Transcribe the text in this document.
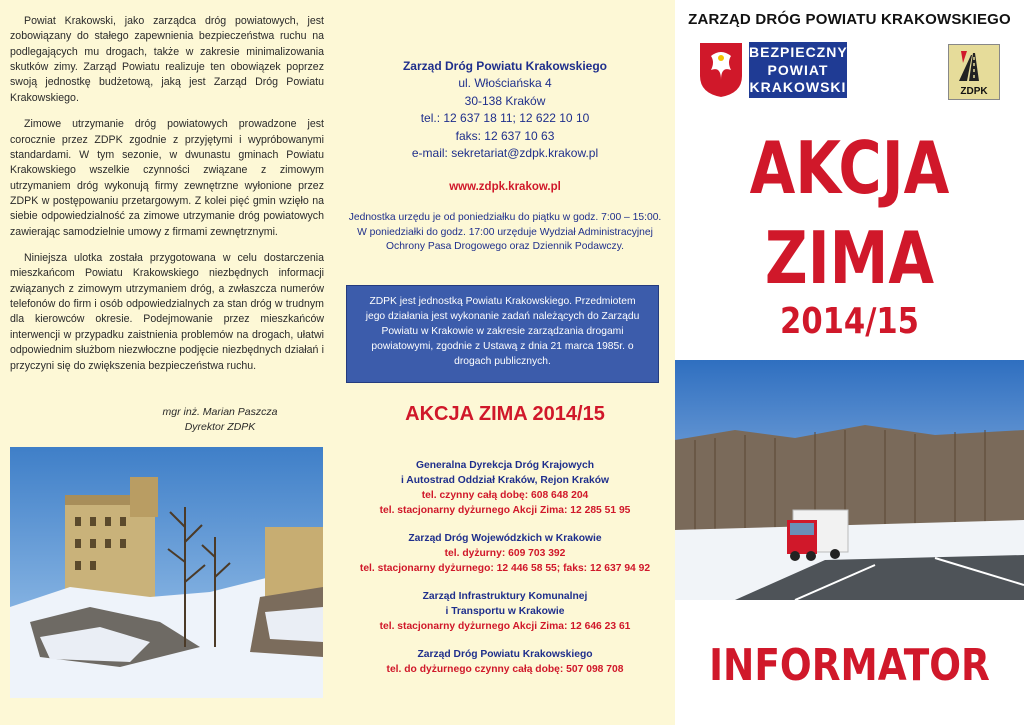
Powiat Krakowski, jako zarządca dróg powiatowych, jest zobowiązany do stałego zapewnienia bezpieczeństwa ruchu na podlegających mu drogach, także w zakresie minimalizowania skutków zimy. Zarząd Powiatu realizuje ten obowiązek poprzez swoją jednostkę budżetową, jaką jest Zarząd Dróg Powiatu Krakowskiego.

Zimowe utrzymanie dróg powiatowych prowadzone jest corocznie przez ZDPK zgodnie z przyjętymi i wypróbowanymi standardami. W tym sezonie, w dwunastu gminach Powiatu Krakowskiego wszelkie czynności związane z zimowym utrzymaniem dróg wykonują firmy zewnętrzne wyłonione przez ZDPK w postępowaniu przetargowym. Z kolei pięć gmin wzięło na siebie odpowiedzialność za zimowe utrzymanie dróg powiatowych zawierając samodzielnie umowy z firmami zewnętrznymi.

Niniejsza ulotka została przygotowana w celu dostarczenia mieszkańcom Powiatu Krakowskiego niezbędnych informacji związanych z zimowym utrzymaniem dróg, a zwłaszcza numerów telefonów do firm i osób odpowiedzialnych za stan dróg w trudnym dla kierowców okresie. Podejmowanie przez mieszkańców interwencji w przypadku zaistnienia problemów na drogach, ułatwi odpowiednim służbom niezwłoczne podjęcie niezbędnych działań i przyczyni się do zwiększenia bezpieczeństwa ruchu.

mgr inż. Marian Paszcza
Dyrektor ZDPK
Zarząd Dróg Powiatu Krakowskiego
ul. Włościańska 4
30-138 Kraków
tel.: 12 637 18 11; 12 622 10 10
faks: 12 637 10 63
e-mail: sekretariat@zdpk.krakow.pl
www.zdpk.krakow.pl
Jednostka urzędu je od poniedziałku do piątku w godz. 7:00 – 15:00. W poniedziałki do godz. 17:00 urzęduje Wydział Administracyjnej Ochrony Pasa Drogowego oraz Dziennik Podawczy.
ZDPK jest jednostką Powiatu Krakowskiego. Przedmiotem jego działania jest wykonanie zadań należących do Zarządu Powiatu w Krakowie w zakresie zarządzania drogami powiatowymi, zgodnie z Ustawą z dnia 21 marca 1985r. o drogach publicznych.
AKCJA ZIMA 2014/15
Generalna Dyrekcja Dróg Krajowych
i Autostrad Oddział Kraków, Rejon Kraków
tel. czynny całą dobę: 608 648 204
tel. stacjonarny dyżurnego Akcji Zima: 12 285 51 95
Zarząd Dróg Wojewódzkich w Krakowie
tel. dyżurny: 609 703 392
tel. stacjonarny dyżurnego: 12 446 58 55; faks: 12 637 94 92
Zarząd Infrastruktury Komunalnej
i Transportu w Krakowie
tel. stacjonarny dyżurnego Akcji Zima: 12 646 23 61
Zarząd Dróg Powiatu Krakowskiego
tel. do dyżurnego czynny całą dobę: 507 098 708
ZARZĄD DRÓG POWIATU KRAKOWSKIEGO
BEZPIECZNY
POWIAT
KRAKOWSKI	ZDPK
AKCJA
ZIMA
2014/15
INFORMATOR
